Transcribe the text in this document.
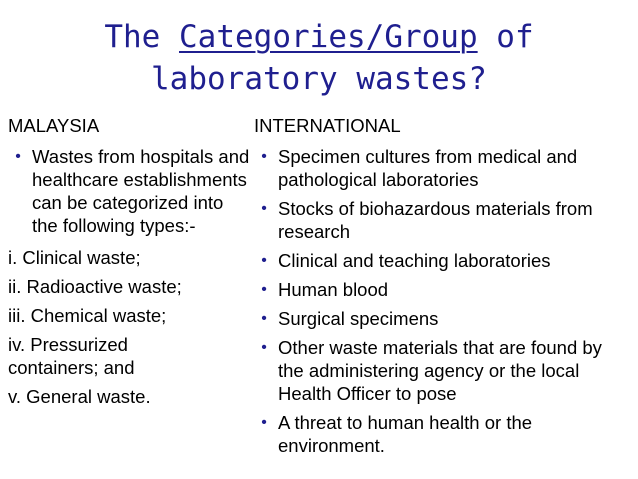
The Categories/Group of
laboratory wastes?
MALAYSIA
• Wastes from hospitals and healthcare establishments can be categorized into the following types:-
i. Clinical waste;
ii. Radioactive waste;
iii. Chemical waste;
iv. Pressurized containers; and
v. General waste.
INTERNATIONAL
• Specimen cultures from medical and pathological laboratories
• Stocks of biohazardous materials from research
• Clinical and teaching laboratories
• Human blood
• Surgical specimens
• Other waste materials that are found by the administering agency or the local Health Officer to pose
• A threat to human health or the environment.
